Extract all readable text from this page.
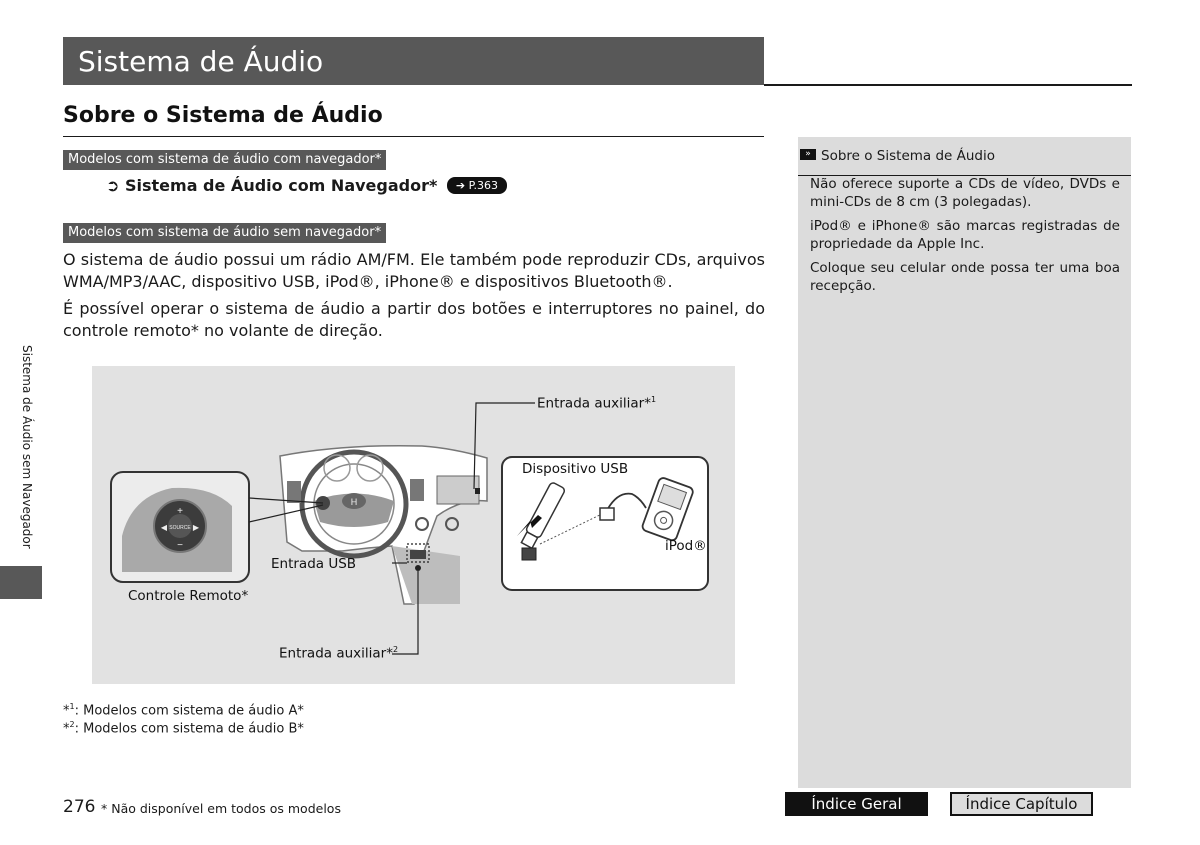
Sistema de Áudio
Sobre o Sistema de Áudio
Modelos com sistema de áudio com navegador*
➲ Sistema de Áudio com Navegador* ➔ P.363
Modelos com sistema de áudio sem navegador*
O sistema de áudio possui um rádio AM/FM. Ele também pode reproduzir CDs, arquivos WMA/MP3/AAC, dispositivo USB, iPod®, iPhone® e dispositivos Bluetooth®.
É possível operar o sistema de áudio a partir dos botões e interruptores no painel, do controle remoto* no volante de direção.
H
SOURCE
+
−
◀	▶
Entrada auxiliar*$^1$
Dispositivo USB
iPod®
Entrada USB
Controle Remoto*
Entrada auxiliar*$^2$
*$^1$: Modelos com sistema de áudio A*
*$^2$: Modelos com sistema de áudio B*
276 * Não disponível em todos os modelos
Sistema de Áudio sem Navegador
» Sobre o Sistema de Áudio
Não oferece suporte a CDs de vídeo, DVDs e mini-CDs de 8 cm (3 polegadas).
iPod® e iPhone® são marcas registradas de propriedade da Apple Inc.
Coloque seu celular onde possa ter uma boa recepção.
Índice Geral	Índice Capítulo
